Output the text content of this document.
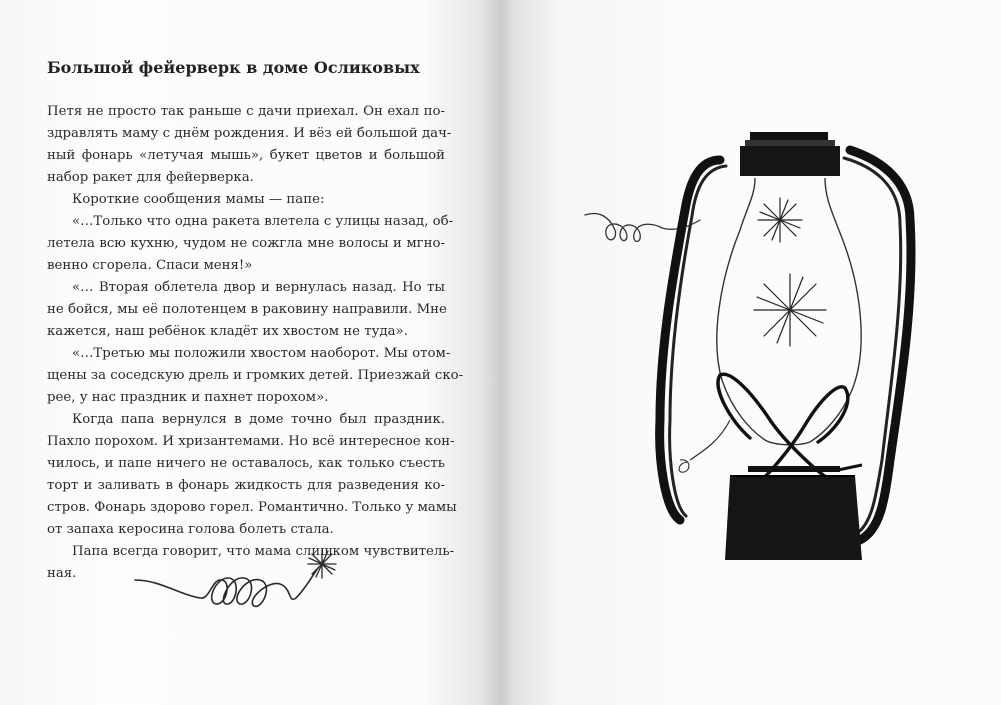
Большой фейерверк в доме Осликовых

Петя не просто так раньше с дачи приехал. Он ехал по-
здравлять маму с днём рождения. И вёз ей большой дач-
ный фонарь «летучая мышь», букет цветов и большой
набор ракет для фейерверка.

Короткие сообщения мамы — папе:

«…Только что одна ракета влетела с улицы назад, об-
летела всю кухню, чудом не сожгла мне волосы и мгно-
венно сгорела. Спаси меня!»

«… Вторая облетела двор и вернулась назад. Но ты
не бойся, мы её полотенцем в раковину направили. Мне
кажется, наш ребёнок кладёт их хвостом не туда».

«…Третью мы положили хвостом наоборот. Мы отом-
щены за соседскую дрель и громких детей. Приезжай ско-
рее, у нас праздник и пахнет порохом».

Когда папа вернулся в доме точно был праздник.
Пахло порохом. И хризантемами. Но всё интересное кон-
чилось, и папе ничего не оставалось, как только съесть
торт и заливать в фонарь жидкость для разведения ко-
стров. Фонарь здорово горел. Романтично. Только у мамы
от запаха керосина голова болеть стала.

Папа всегда говорит, что мама слишком чувствитель-
ная.
